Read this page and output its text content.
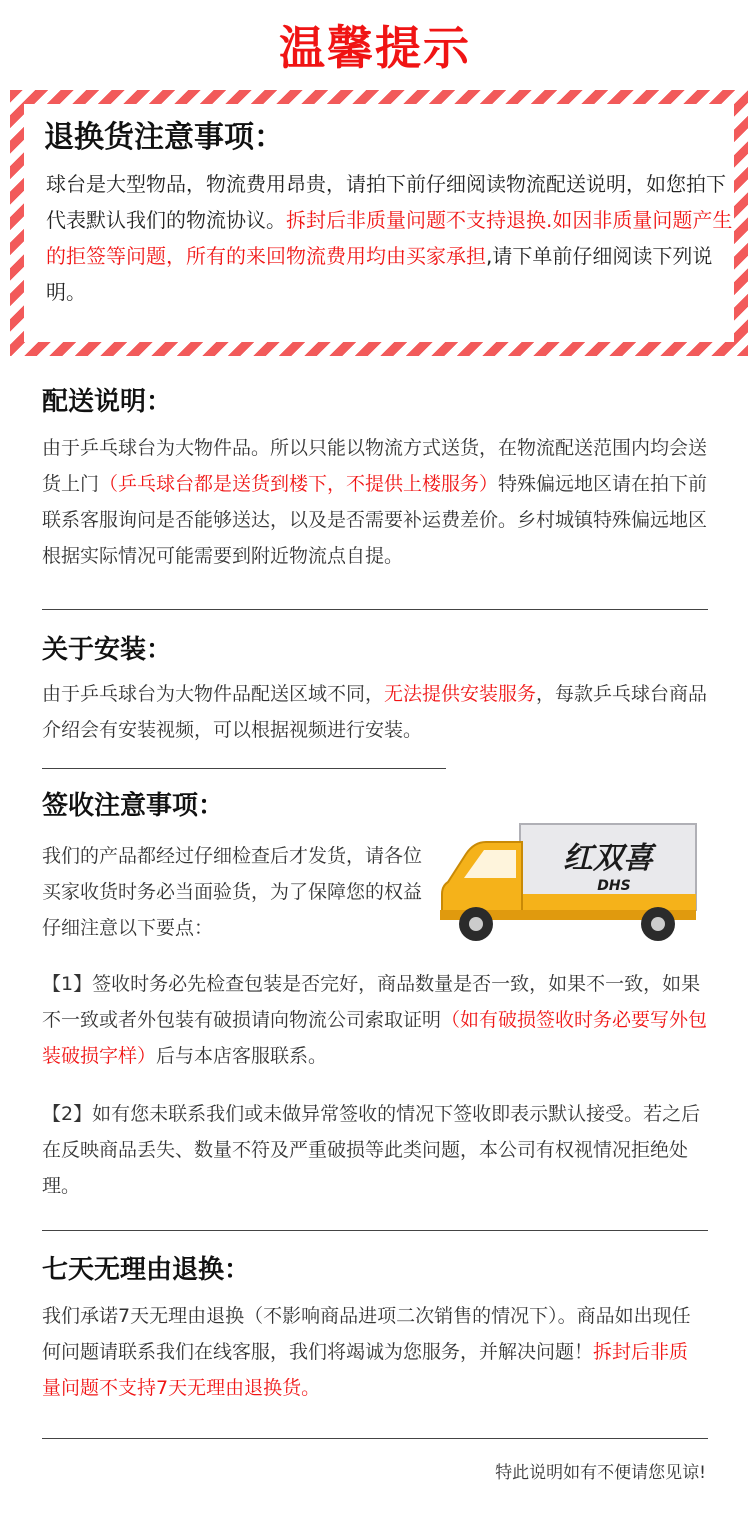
温馨提示
退换货注意事项：
球台是大型物品，物流费用昂贵，请拍下前仔细阅读物流配送说明，如您拍下代表默认我们的物流协议。拆封后非质量问题不支持退换.如因非质量问题产生的拒签等问题，所有的来回物流费用均由买家承担,请下单前仔细阅读下列说明。
配送说明：
由于乒乓球台为大物件品。所以只能以物流方式送货，在物流配送范围内均会送货上门（乒乓球台都是送货到楼下，不提供上楼服务）特殊偏远地区请在拍下前联系客服询问是否能够送达，以及是否需要补运费差价。乡村城镇特殊偏远地区根据实际情况可能需要到附近物流点自提。
关于安装：
由于乒乓球台为大物件品配送区域不同，无法提供安装服务，每款乒乓球台商品介绍会有安装视频，可以根据视频进行安装。
签收注意事项：
我们的产品都经过仔细检查后才发货，请各位买家收货时务必当面验货，为了保障您的权益仔细注意以下要点：
红双喜
DHS
【1】签收时务必先检查包装是否完好，商品数量是否一致，如果不一致，如果不一致或者外包装有破损请向物流公司索取证明（如有破损签收时务必要写外包装破损字样）后与本店客服联系。
【2】如有您未联系我们或未做异常签收的情况下签收即表示默认接受。若之后在反映商品丢失、数量不符及严重破损等此类问题，本公司有权视情况拒绝处理。
七天无理由退换：
我们承诺7天无理由退换（不影响商品进项二次销售的情况下）。商品如出现任何问题请联系我们在线客服，我们将竭诚为您服务，并解决问题！拆封后非质量问题不支持7天无理由退换货。
特此说明如有不便请您见谅!
